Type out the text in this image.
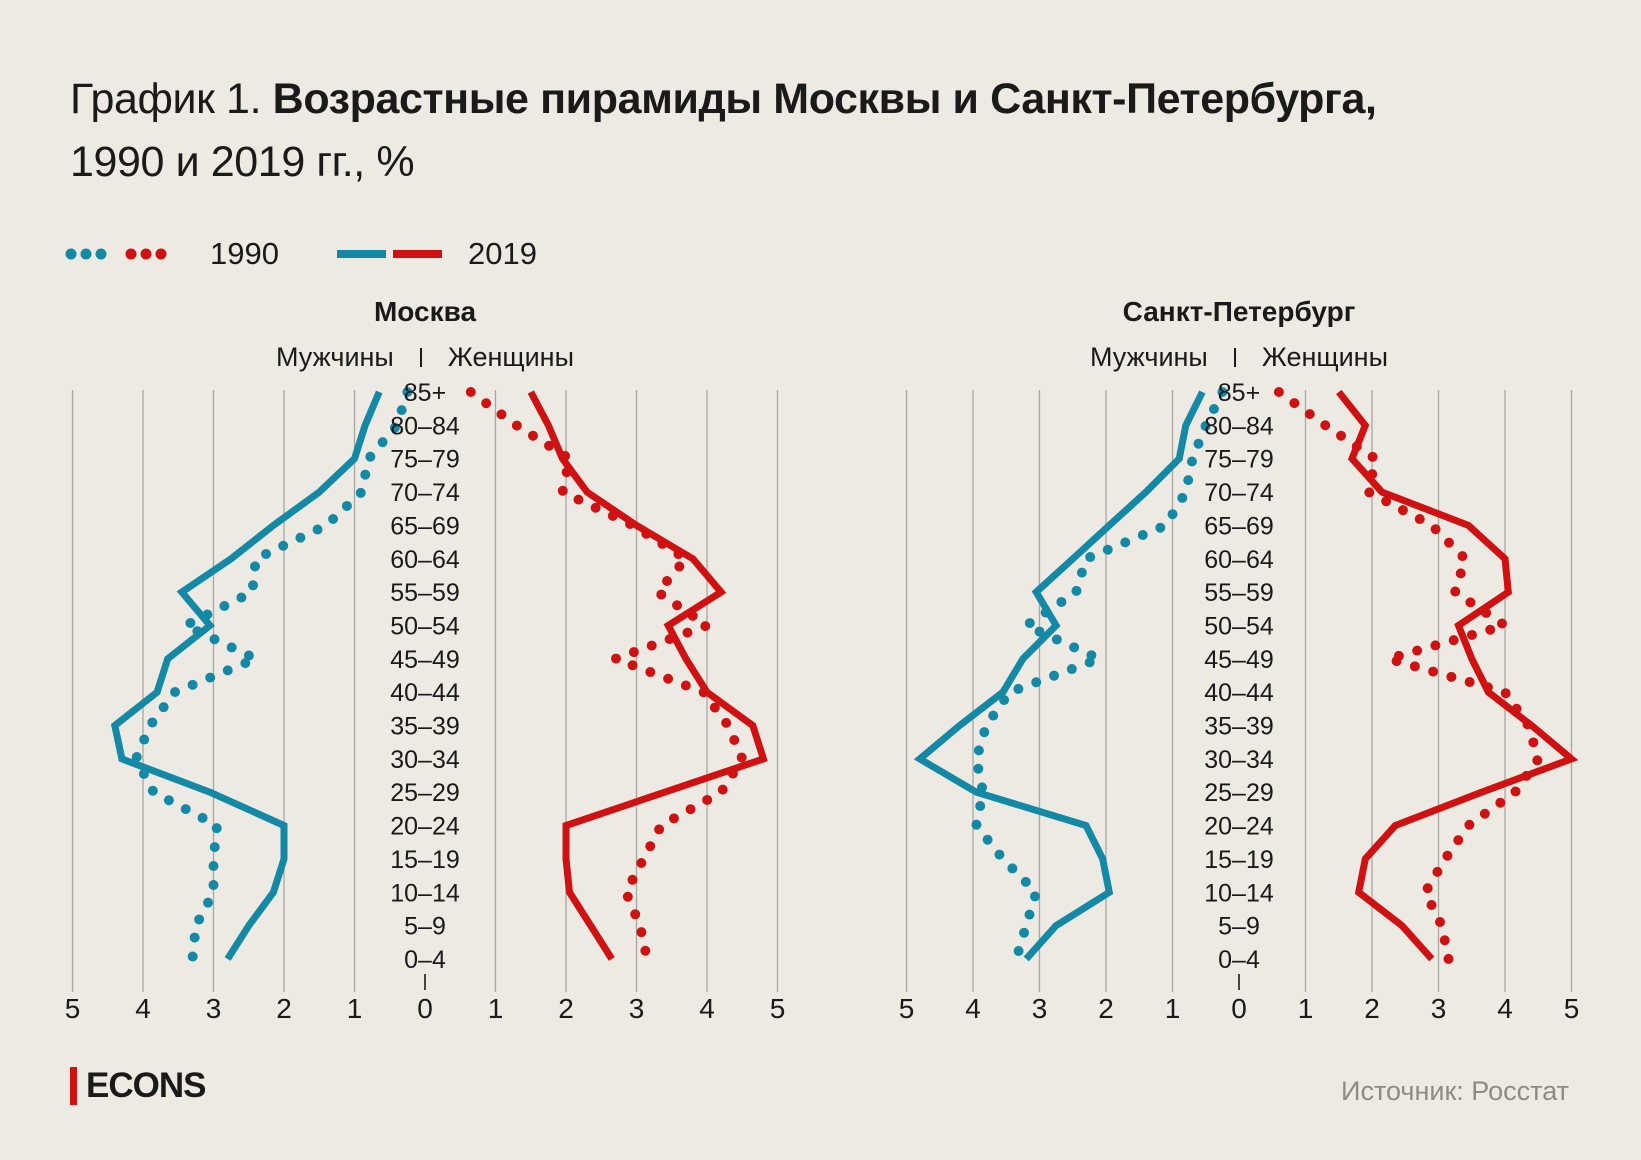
График 1. Возрастные пирамиды Москвы и Санкт-Петербурга,
1990 и 2019 гг., %
1990	2019
Москва	Санкт-Петербург
Мужчины Женщины	Мужчины Женщины
85+
80–84
75–79
70–74
65–69
60–64
55–59
50–54
45–49
40–44
35–39
30–34
25–29
20–24
15–19
10–14
5–9
0–4
5 4 3 2 1 0 1 2 3 4 5
85+
80–84
75–79
70–74
65–69
60–64
55–59
50–54
45–49
40–44
35–39
30–34
25–29
20–24
15–19
10–14
5–9
0–4
5 4 3 2 1 0 1 2 3 4 5
ECONS	Источник: Росстат
